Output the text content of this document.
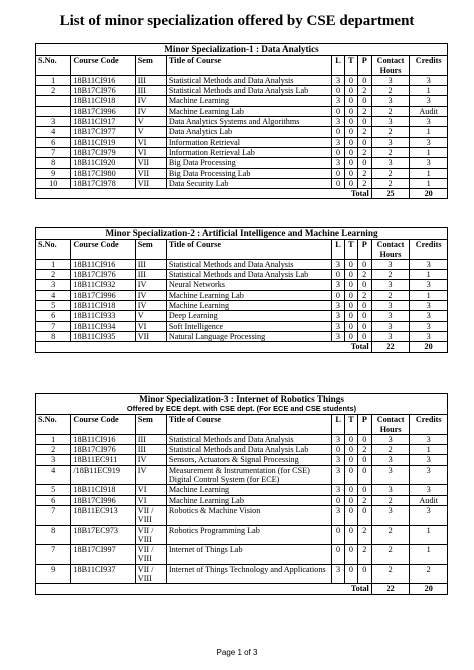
List of minor specialization offered by CSE department
Minor Specialization-1 : Data Analytics								
S.No.	Course Code	Sem	Title of Course	L	T	P	Contact Hours	Credits
1	18B11CI916	III	Statistical Methods and Data Analysis	3	0	0	3	3
2	18B17CI976	III	Statistical Methods and Data Analysis Lab	0	0	2	2	1
	18B11CI918	IV	Machine Learning	3	0	0	3	3
	18B17CI996	IV	Machine Learning Lab	0	0	2	2	Audit
3	18B11CI917	V	Data Analytics Systems and Algorithms	3	0	0	3	3
4	18B17CI977	V	Data Analytics Lab	0	0	2	2	1
6	18B11CI919	VI	Information Retrieval	3	0	0	3	3
7	18B17CI979	VI	Information Retrieval Lab	0	0	2	2	1
8	18B11CI920	VII	Big Data Processing	3	0	0	3	3
9	18B17CI980	VII	Big Data Processing Lab	0	0	2	2	1
10	18B17CI978	VII	Data Security Lab	0	0	2	2	1
Total							25	20
Minor Specialization-2 : Artificial Intelligence and Machine Learning								
S.No.	Course Code	Sem	Title of Course	L	T	P	Contact Hours	Credits
1	18B11CI916	III	Statistical Methods and Data Analysis	3	0	0	3	3
2	18B17CI976	III	Statistical Methods and Data Analysis Lab	0	0	2	2	1
3	18B11CI932	IV	Neural Networks	3	0	0	3	3
4	18B17CI996	IV	Machine Learning Lab	0	0	2	2	1
5	18B11CI918	IV	Machine Learning	3	0	0	3	3
6	18B11CI933	V	Deep Learning	3	0	0	3	3
7	18B11CI934	VI	Soft Intelligence	3	0	0	3	3
8	18B11CI935	VII	Natural Language Processing	3	0	0	3	3
Total							22	20
Minor Specialization-3 : Internet of Robotics Things
Offered by ECE dept. with CSE dept. (For ECE and CSE students)								

S.No.	Course Code	Sem	Title of Course	L	T	P	Contact Hours	Credits
1	18B11CI916	III	Statistical Methods and Data Analysis	3	0	0	3	3
2	18B17CI976	III	Statistical Methods and Data Analysis Lab	0	0	2	2	1
3	18B11EC911	IV	Sensors, Actuators & Signal Processing	3	0	0	3	3
4	/18B11EC919	IV	Measurement & Instrumentation (for CSE)
Digital Control System (for ECE)	3	0	0	3	3
5	18B11CI918	VI	Machine Learning	3	0	0	3	3
6	18B17CI996	VI	Machine Learning Lab	0	0	2	2	Audit
7	18B11EC913	VII / VIII	Robotics & Machine Vision	3	0	0	3	3
8	18B17EC973	VII / VIII	Robotics Programming Lab	0	0	2	2	1
7	18B17CI997	VII / VIII	Internet of Things Lab	0	0	2	2	1
9	18B11CI937	VII / VIII	Internet of Things Technology and Applications	3	0	0	2	2
Total							22	20
Page 1 of 3
